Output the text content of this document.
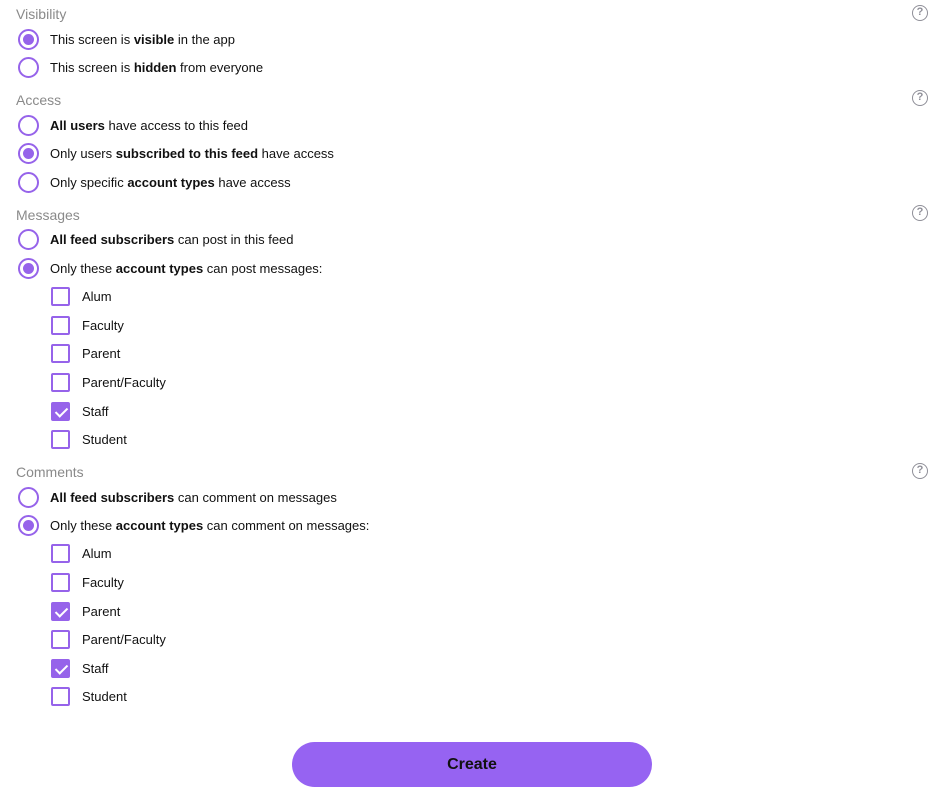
Visibility	?
This screen is visible in the app
This screen is hidden from everyone
Access	?
All users have access to this feed
Only users subscribed to this feed have access
Only specific account types have access
Messages	?
All feed subscribers can post in this feed
Only these account types can post messages:
Alum
Faculty
Parent
Parent/Faculty
Staff
Student
Comments	?
All feed subscribers can comment on messages
Only these account types can comment on messages:
Alum
Faculty
Parent
Parent/Faculty
Staff
Student
Create
